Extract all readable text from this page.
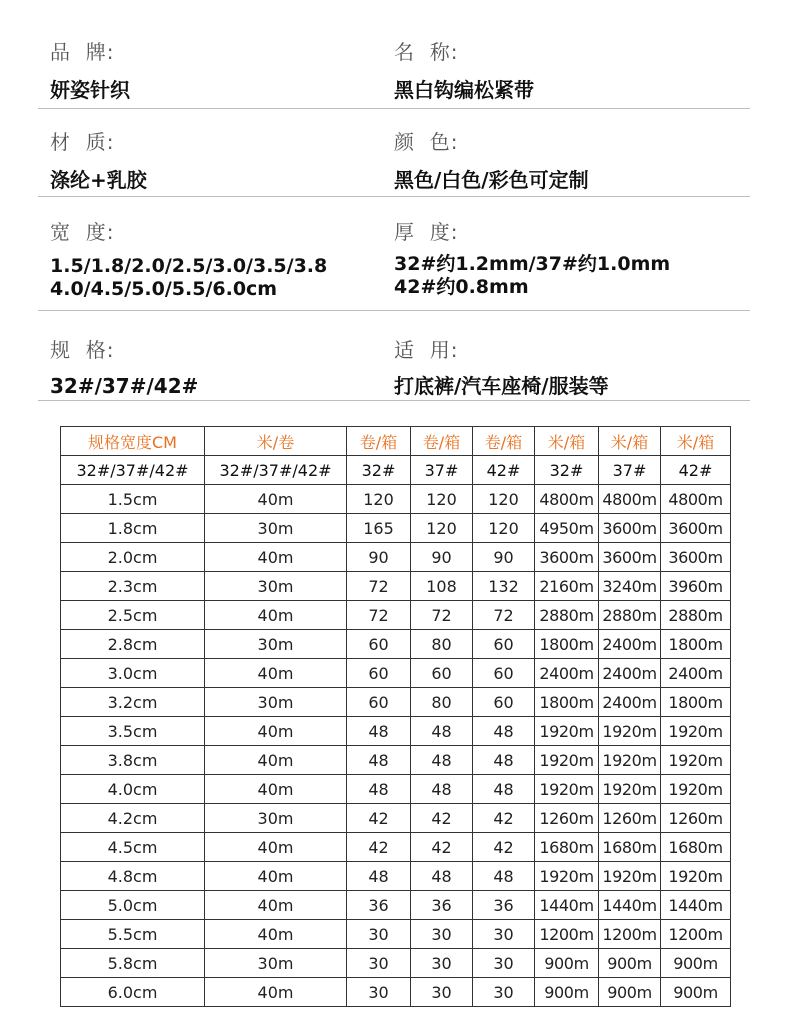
品  牌:
妍姿针织
名  称:
黑白钩编松紧带
材  质:
涤纶+乳胶
颜  色:
黑色/白色/彩色可定制
宽  度:
1.5/1.8/2.0/2.5/3.0/3.5/3.8
4.0/4.5/5.0/5.5/6.0cm
厚  度:
32#约1.2mm/37#约1.0mm
42#约0.8mm
规  格:
32#/37#/42#
适  用:
打底裤/汽车座椅/服装等
规格宽度CM	米/卷	卷/箱	卷/箱	卷/箱	米/箱	米/箱	米/箱
32#/37#/42#	32#/37#/42#	32#	37#	42#	32#	37#	42#
1.5cm	40m	120	120	120	4800m	4800m	4800m
1.8cm	30m	165	120	120	4950m	3600m	3600m
2.0cm	40m	90	90	90	3600m	3600m	3600m
2.3cm	30m	72	108	132	2160m	3240m	3960m
2.5cm	40m	72	72	72	2880m	2880m	2880m
2.8cm	30m	60	80	60	1800m	2400m	1800m
3.0cm	40m	60	60	60	2400m	2400m	2400m
3.2cm	30m	60	80	60	1800m	2400m	1800m
3.5cm	40m	48	48	48	1920m	1920m	1920m
3.8cm	40m	48	48	48	1920m	1920m	1920m
4.0cm	40m	48	48	48	1920m	1920m	1920m
4.2cm	30m	42	42	42	1260m	1260m	1260m
4.5cm	40m	42	42	42	1680m	1680m	1680m
4.8cm	40m	48	48	48	1920m	1920m	1920m
5.0cm	40m	36	36	36	1440m	1440m	1440m
5.5cm	40m	30	30	30	1200m	1200m	1200m
5.8cm	30m	30	30	30	900m	900m	900m
6.0cm	40m	30	30	30	900m	900m	900m
